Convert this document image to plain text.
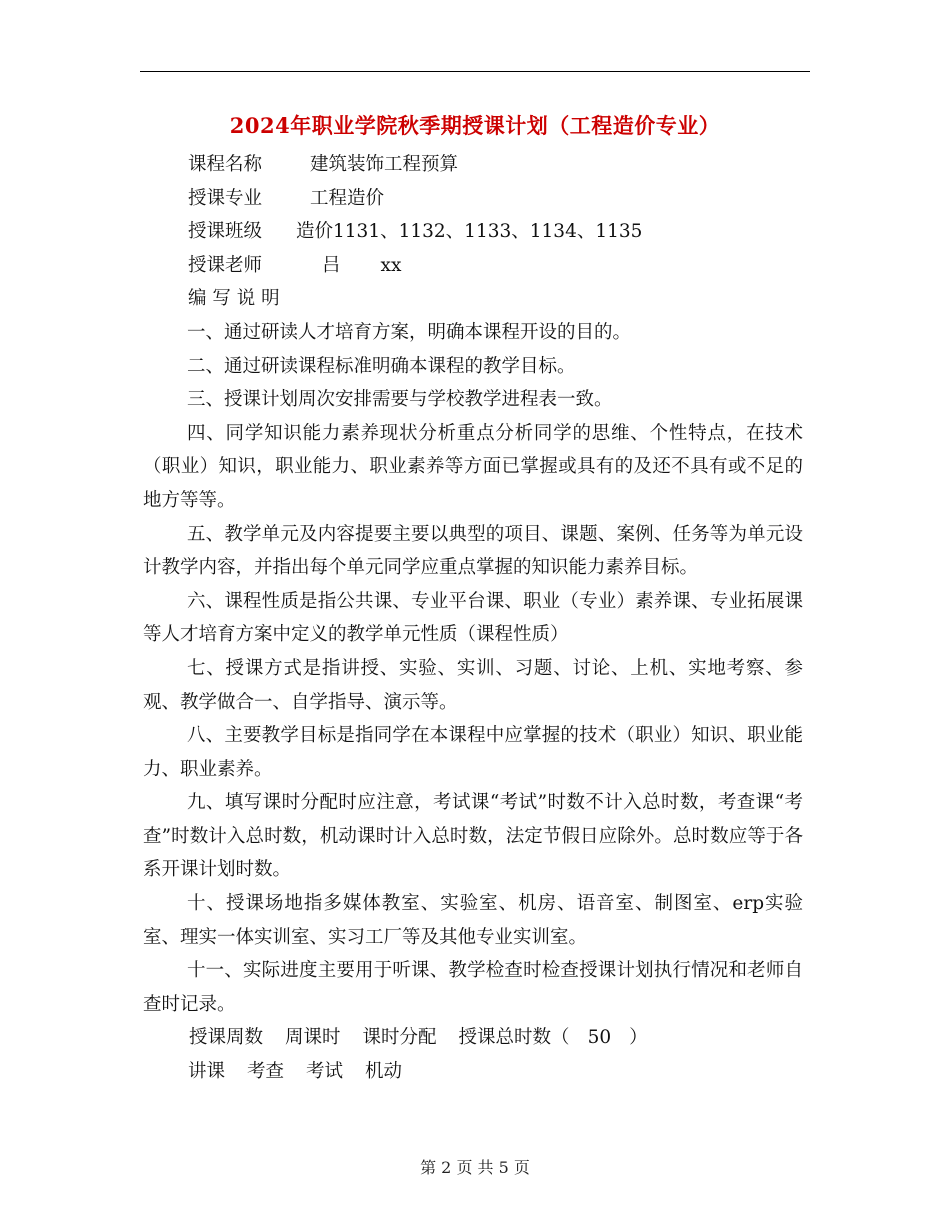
2024年职业学院秋季期授课计划（工程造价专业）
课程名称	建筑装饰工程预算
授课专业	工程造价
授课班级 造价1131、1132、1133、1134、1135
授课老师	吕 xx
编 写 说 明
一、通过研读人才培育方案，明确本课程开设的目的。
二、通过研读课程标准明确本课程的教学目标。
三、授课计划周次安排需要与学校教学进程表一致。
四、同学知识能力素养现状分析重点分析同学的思维、个性特点，在技术（职业）知识，职业能力、职业素养等方面已掌握或具有的及还不具有或不足的地方等等。
五、教学单元及内容提要主要以典型的项目、课题、案例、任务等为单元设计教学内容，并指出每个单元同学应重点掌握的知识能力素养目标。
六、课程性质是指公共课、专业平台课、职业（专业）素养课、专业拓展课等人才培育方案中定义的教学单元性质（课程性质）
七、授课方式是指讲授、实验、实训、习题、讨论、上机、实地考察、参观、教学做合一、自学指导、演示等。
八、主要教学目标是指同学在本课程中应掌握的技术（职业）知识、职业能力、职业素养。
九、填写课时分配时应注意，考试课“考试”时数不计入总时数，考查课“考查”时数计入总时数，机动课时计入总时数，法定节假日应除外。总时数应等于各系开课计划时数。
十、授课场地指多媒体教室、实验室、机房、语音室、制图室、erp实验室、理实一体实训室、实习工厂等及其他专业实训室。
十一、实际进度主要用于听课、教学检查时检查授课计划执行情况和老师自查时记录。
授课周数 周课时 课时分配 授课总时数（ 50 ）
讲课 考查 考试 机动
第 2 页 共 5 页
